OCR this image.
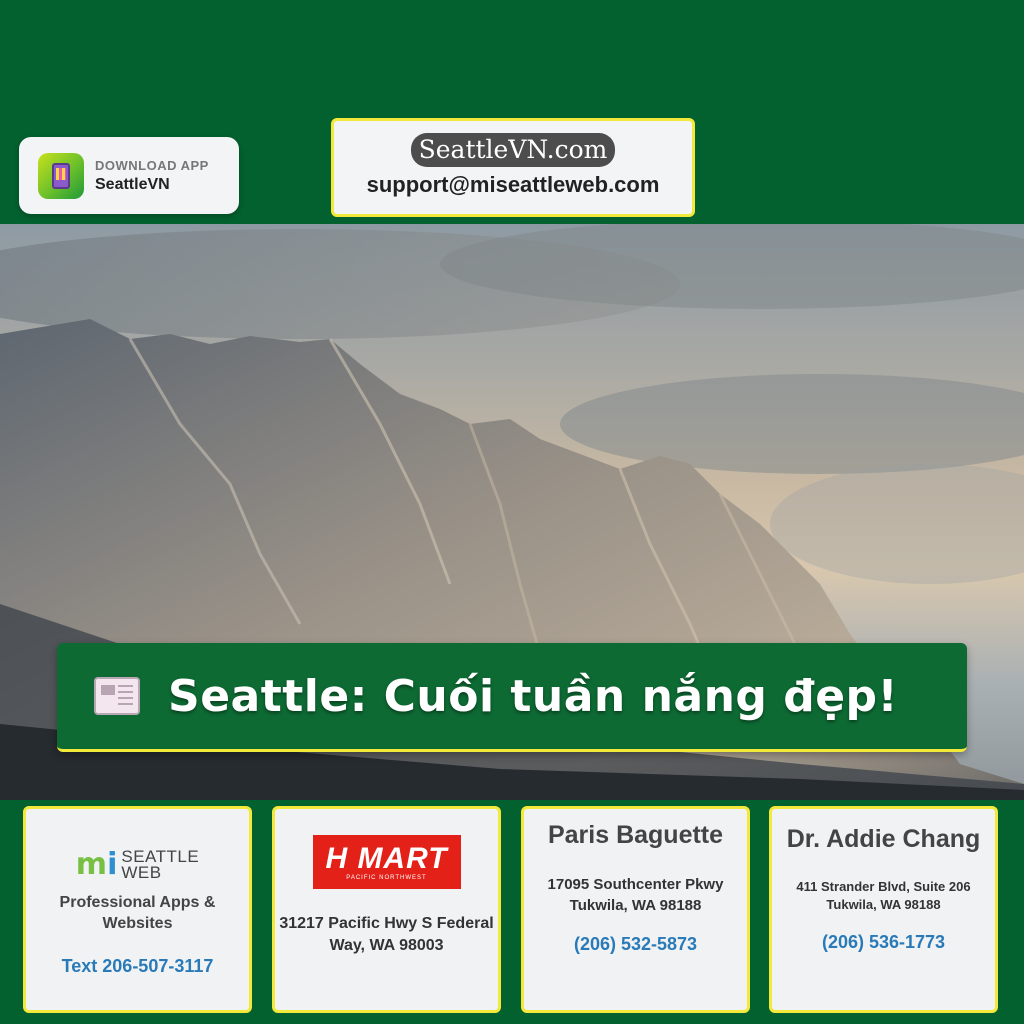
DOWNLOAD APP
SeattleVN
SeattleVN.com
support@miseattleweb.com
Seattle: Cuối tuần nắng đẹp!
mi SEATTLE
WEB
Professional Apps & Websites
Text 206-507-3117
H MART
PACIFIC NORTHWEST
31217 Pacific Hwy S Federal Way, WA 98003
Paris Baguette
17095 Southcenter Pkwy Tukwila, WA 98188
(206) 532-5873
Dr. Addie Chang
411 Strander Blvd, Suite 206 Tukwila, WA 98188
(206) 536-1773
